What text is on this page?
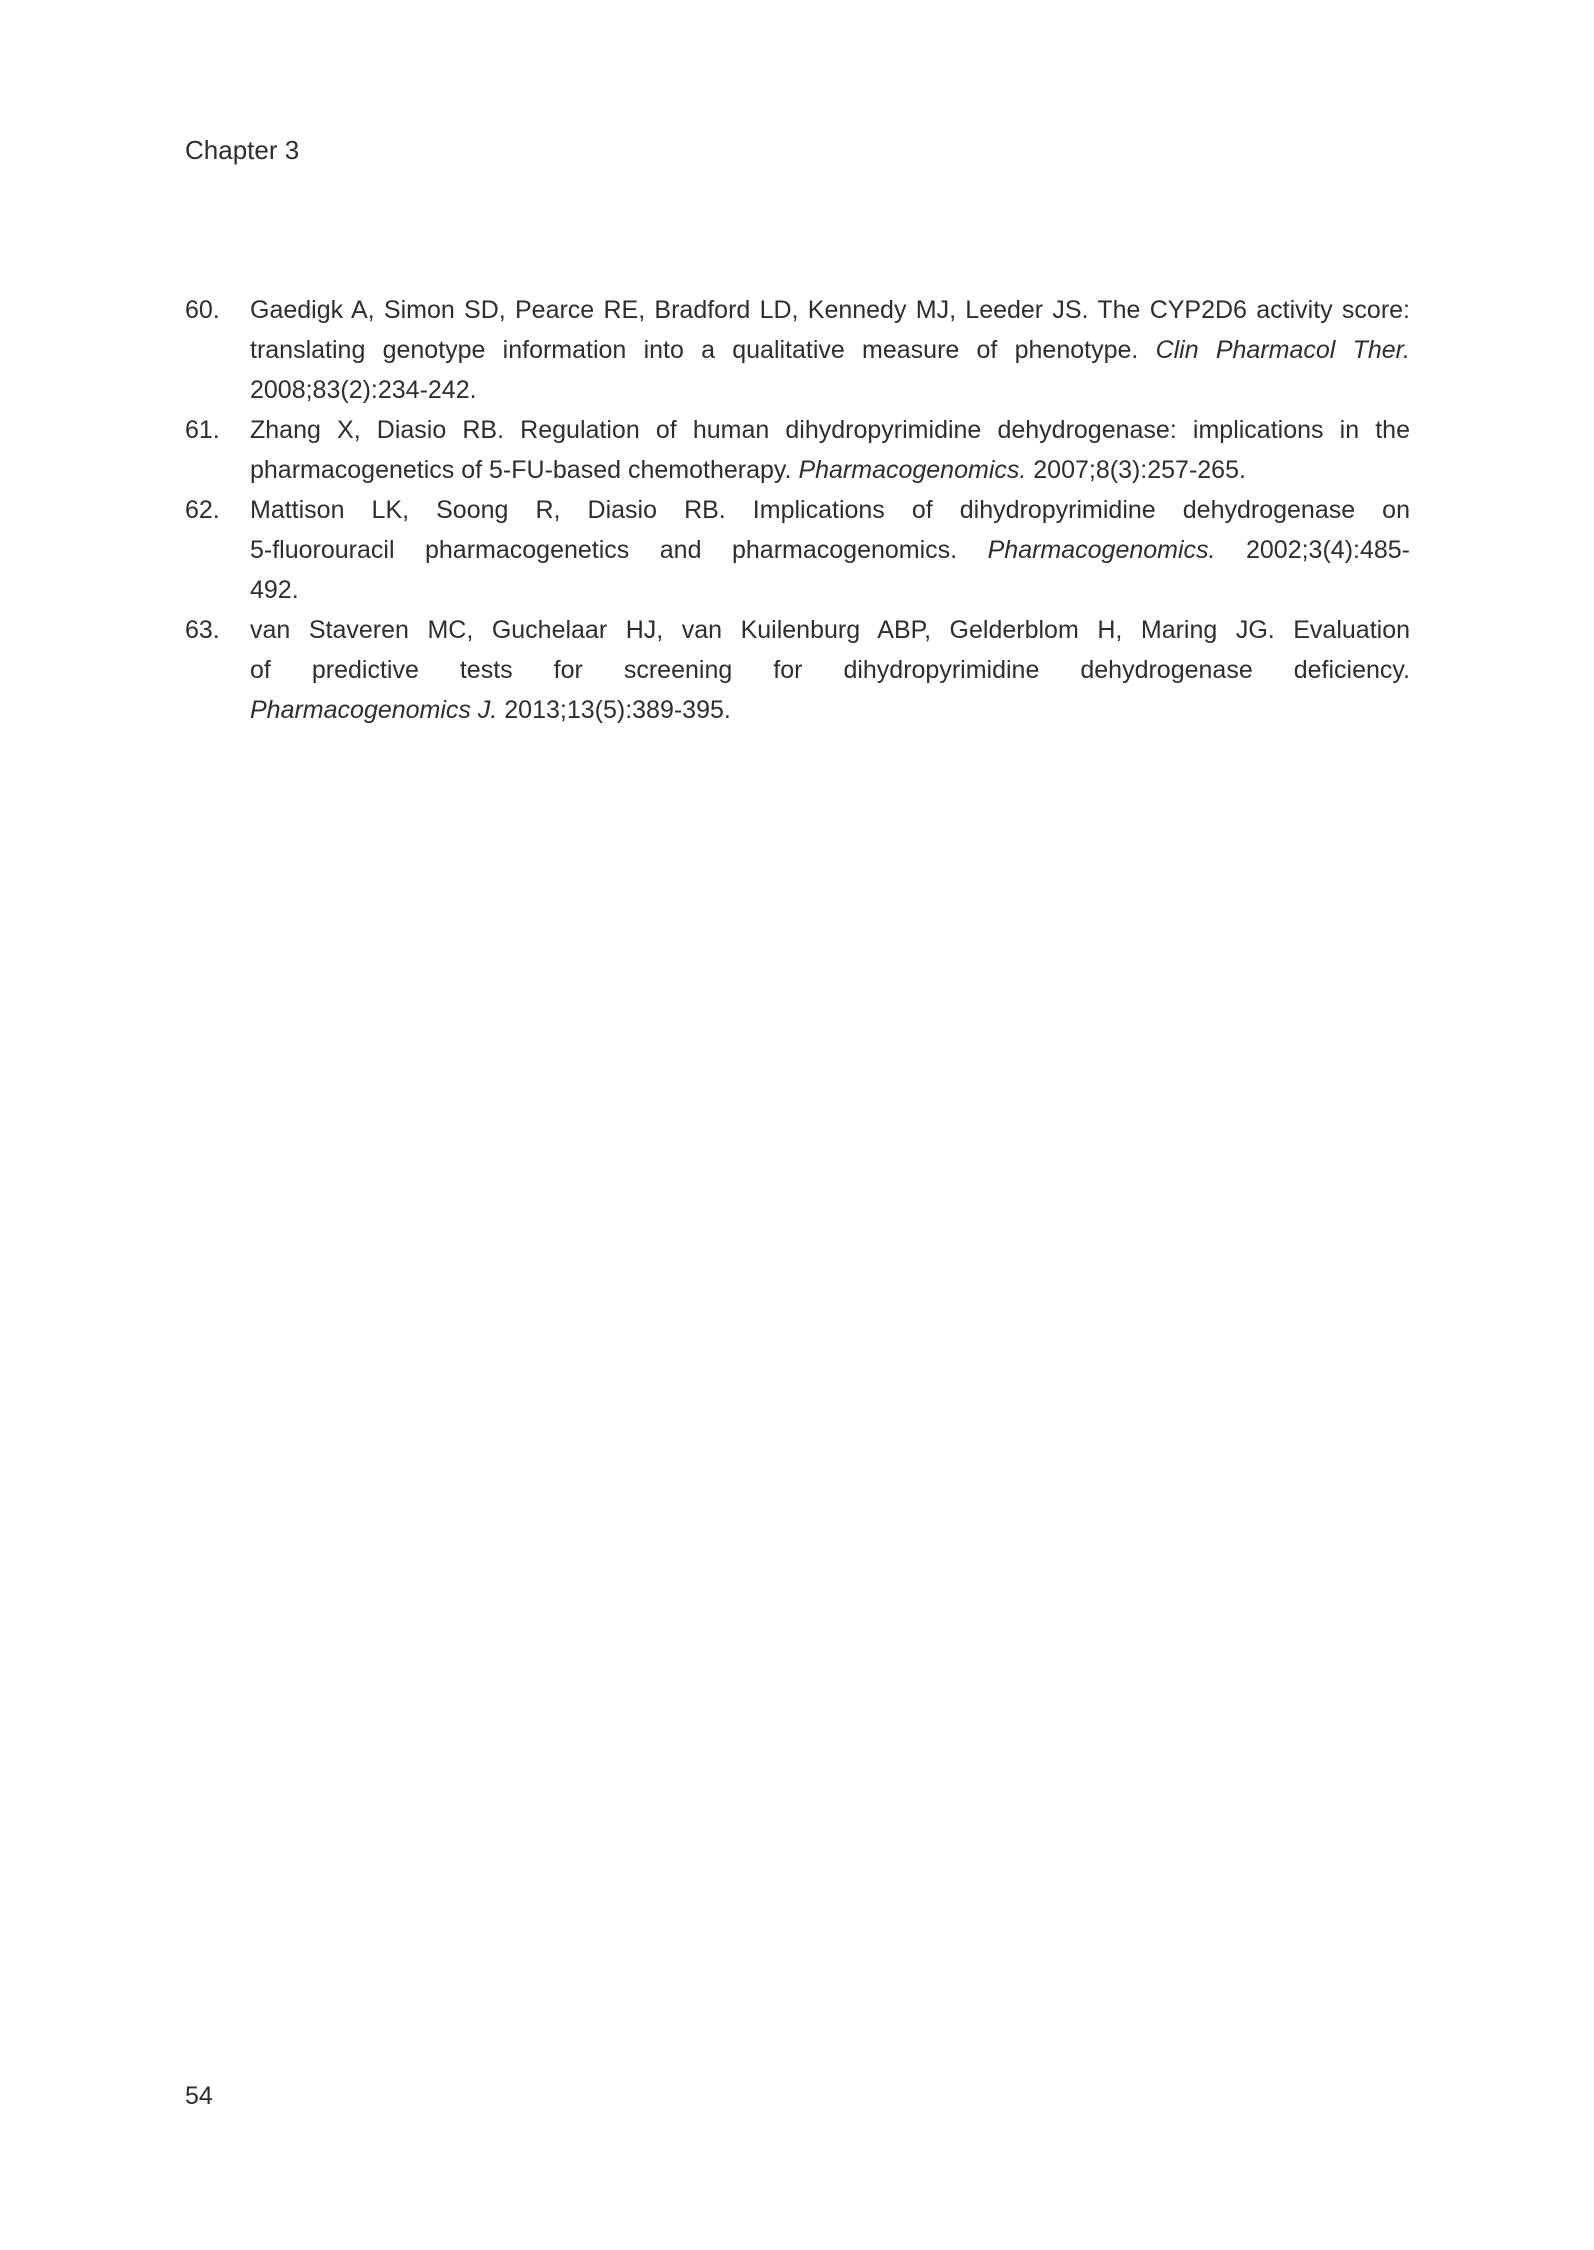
Chapter 3
60. Gaedigk A, Simon SD, Pearce RE, Bradford LD, Kennedy MJ, Leeder JS. The CYP2D6 activity score:
translating genotype information into a qualitative measure of phenotype. Clin Pharmacol Ther.
2008;83(2):234-242.
61. Zhang X, Diasio RB. Regulation of human dihydropyrimidine dehydrogenase: implications in the
pharmacogenetics of 5-FU-based chemotherapy. Pharmacogenomics. 2007;8(3):257-265.
62. Mattison LK, Soong R, Diasio RB. Implications of dihydropyrimidine dehydrogenase on
5-fluorouracil pharmacogenetics and pharmacogenomics. Pharmacogenomics. 2002;3(4):485-
492.
63. van Staveren MC, Guchelaar HJ, van Kuilenburg ABP, Gelderblom H, Maring JG. Evaluation
of predictive tests for screening for dihydropyrimidine dehydrogenase deficiency.
Pharmacogenomics J. 2013;13(5):389-395.
54
